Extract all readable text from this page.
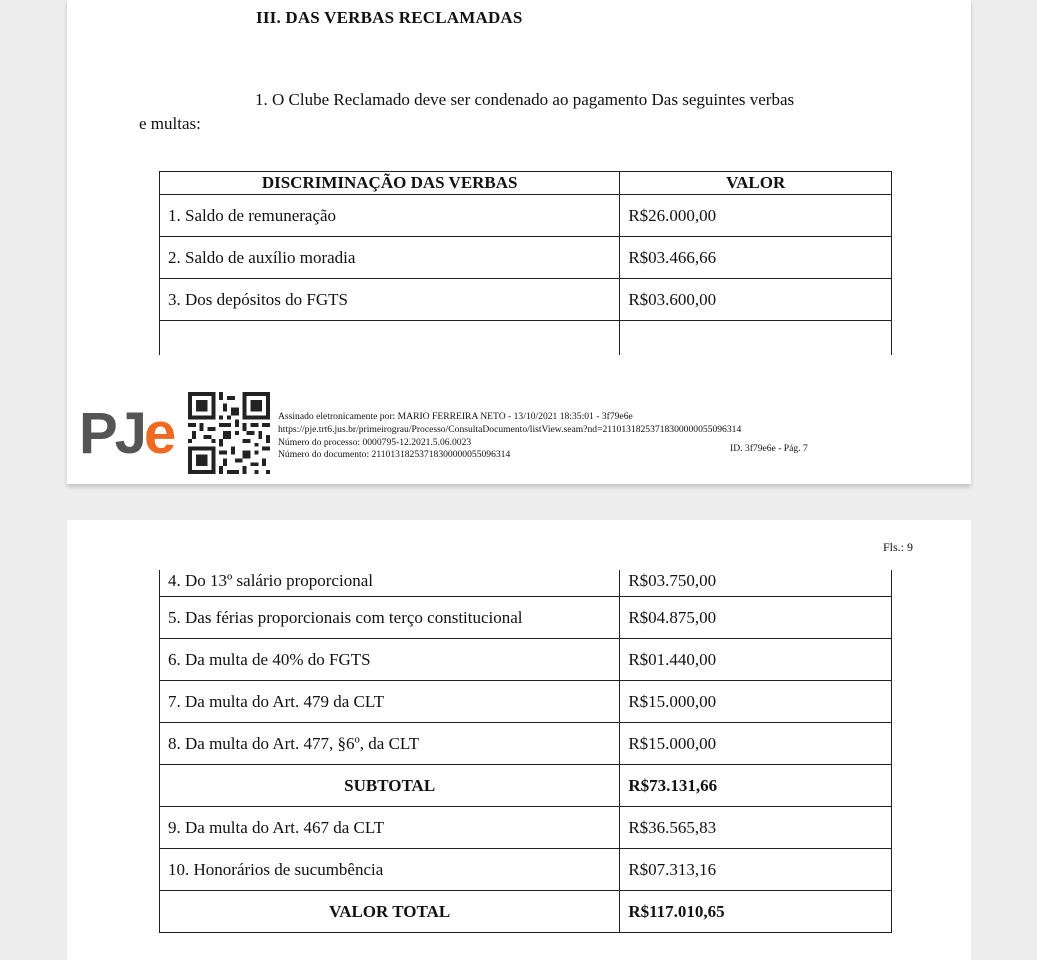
III. DAS VERBAS RECLAMADAS
1. O Clube Reclamado deve ser condenado ao pagamento Das seguintes verbas
e multas:
DISCRIMINAÇÃO DAS VERBAS	VALOR
1. Saldo de remuneração	R$26.000,00
2. Saldo de auxílio moradia	R$03.466,66
3. Dos depósitos do FGTS	R$03.600,00

PJe	Assinado eletronicamente por: MARIO FERREIRA NETO - 13/10/2021 18:35:01 - 3f79e6e
https://pje.trt6.jus.br/primeirograu/Processo/ConsultaDocumento/listView.seam?nd=21101318253718300000055096314
Número do processo: 0000795-12.2021.5.06.0023
Número do documento: 21101318253718300000055096314
ID. 3f79e6e - Pág. 7
Fls.: 9
4. Do 13º salário proporcional	R$03.750,00
5. Das férias proporcionais com terço constitucional	R$04.875,00
6. Da multa de 40% do FGTS	R$01.440,00
7. Da multa do Art. 479 da CLT	R$15.000,00
8. Da multa do Art. 477, §6º, da CLT	R$15.000,00
SUBTOTAL	R$73.131,66
9. Da multa do Art. 467 da CLT	R$36.565,83
10. Honorários de sucumbência	R$07.313,16
VALOR TOTAL	R$117.010,65
